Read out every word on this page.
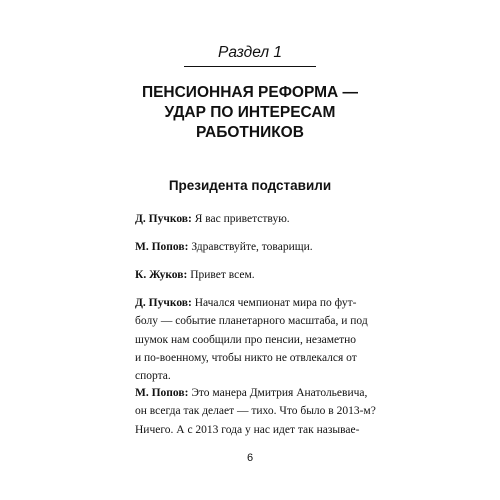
Раздел 1
ПЕНСИОННАЯ РЕФОРМА —
УДАР ПО ИНТЕРЕСАМ
РАБОТНИКОВ
Президента подставили
Д. Пучков: Я вас приветствую.
М. Попов: Здравствуйте, товарищи.
К. Жуков: Привет всем.
Д. Пучков: Начался чемпионат мира по фут-
болу — событие планетарного масштаба, и под
шумок нам сообщили про пенсии, незаметно
и по-военному, чтобы никто не отвлекался от
спорта.
М. Попов: Это манера Дмитрия Анатольевича,
он всегда так делает — тихо. Что было в 2013-м?
Ничего. А с 2013 года у нас идет так называе-
6
